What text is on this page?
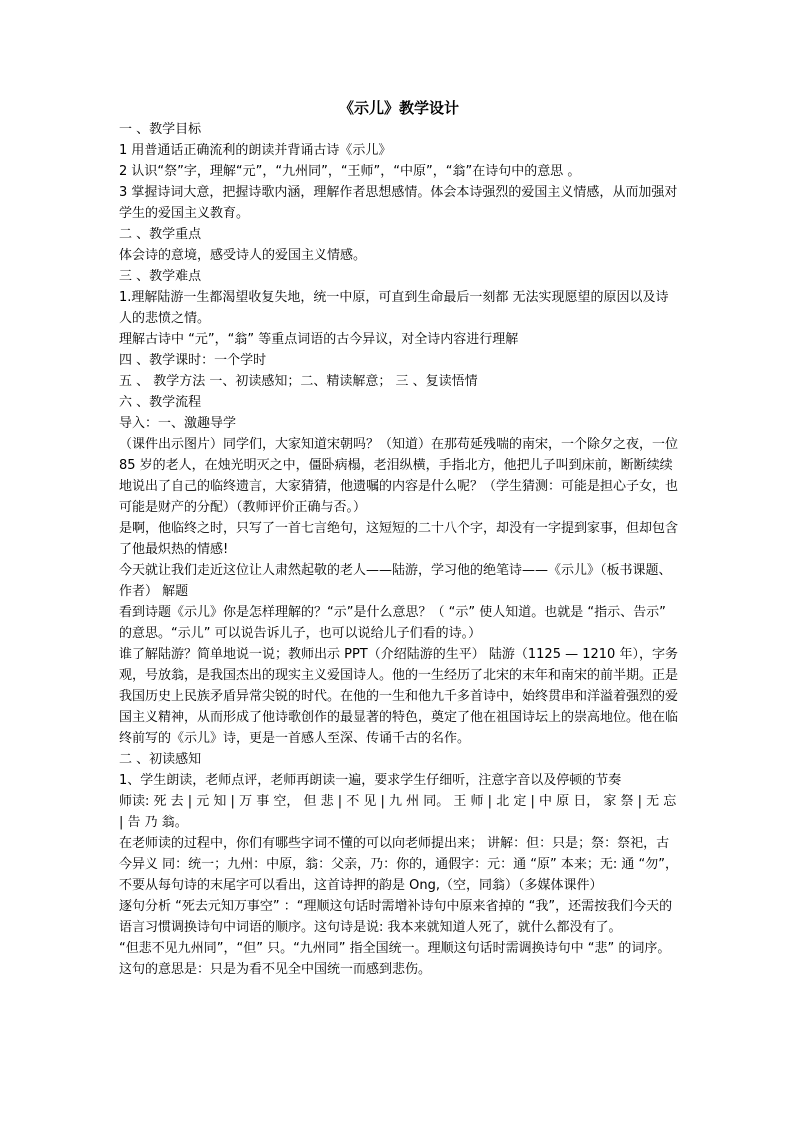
《示儿》教学设计

一 、教学目标

1 用普通话正确流利的朗读并背诵古诗《示儿》

2 认识“祭”字，理解“元”，“九州同”，“王师”，“中原”，“翁”在诗句中的意思 。

3 掌握诗词大意，把握诗歌内涵，理解作者思想感情。体会本诗强烈的爱国主义情感，从而加强对学生的爱国主义教育。

二 、教学重点

体会诗的意境，感受诗人的爱国主义情感。

三 、教学难点

1.理解陆游一生都渴望收复失地，统一中原，可直到生命最后一刻都 无法实现愿望的原因以及诗人的悲愤之情。

理解古诗中 “元”，“翁” 等重点词语的古今异议，对全诗内容进行理解

四 、教学课时：一个学时

五 、 教学方法 一、初读感知；二、精读解意； 三 、复读悟情

六 、教学流程

导入：一、激趣导学

（课件出示图片）同学们，大家知道宋朝吗？（知道）在那苟延残喘的南宋，一个除夕之夜，一位 85 岁的老人，在烛光明灭之中，僵卧病榻，老泪纵横，手指北方，他把儿子叫到床前，断断续续地说出了自己的临终遗言，大家猜猜，他遗嘱的内容是什么呢？（学生猜测：可能是担心子女，也可能是财产的分配）（教师评价正确与否。）

是啊，他临终之时，只写了一首七言绝句，这短短的二十八个字，却没有一字提到家事，但却包含了他最炽热的情感!

今天就让我们走近这位让人肃然起敬的老人——陆游，学习他的绝笔诗——《示儿》（板书课题、作者） 解题

看到诗题《示儿》你是怎样理解的？“示”是什么意思？（ “示” 使人知道。也就是 “指示、告示” 的意思。“示儿” 可以说告诉儿子，也可以说给儿子们看的诗。）

谁了解陆游？简单地说一说；教师出示 PPT（介绍陆游的生平） 陆游（1125 — 1210 年），字务观，号放翁，是我国杰出的现实主义爱国诗人。他的一生经历了北宋的末年和南宋的前半期。正是我国历史上民族矛盾异常尖锐的时代。在他的一生和他九千多首诗中，始终贯串和洋溢着强烈的爱国主义精神，从而形成了他诗歌创作的最显著的特色，奠定了他在祖国诗坛上的崇高地位。他在临终前写的《示儿》诗，更是一首感人至深、传诵千古的名作。

二 、初读感知

1、学生朗读，老师点评，老师再朗读一遍，要求学生仔细听，注意字音以及停顿的节奏

师读: 死 去 | 元 知 | 万 事 空， 但 悲 | 不 见 | 九 州 同。 王 师 | 北 定 | 中 原 日， 家 祭 | 无 忘 | 告 乃 翁。

在老师读的过程中，你们有哪些字词不懂的可以向老师提出来； 讲解：但：只是；祭：祭祀，古今异义 同：统一；九州：中原，翁：父亲，乃：你的，通假字：元：通 “原” 本来；无: 通 “勿”，不要从每句诗的末尾字可以看出，这首诗押的韵是 Ong,（空，同翁）（多媒体课件）

逐句分析 “死去元知万事空” ：“理顺这句话时需增补诗句中原来省掉的 “我”，还需按我们今天的语言习惯调换诗句中词语的顺序。这句诗是说: 我本来就知道人死了，就什么都没有了。

“但悲不见九州同”，“但” 只。“九州同” 指全国统一。理顺这句话时需调换诗句中 “悲” 的词序。这句的意思是：只是为看不见全中国统一而感到悲伤。
